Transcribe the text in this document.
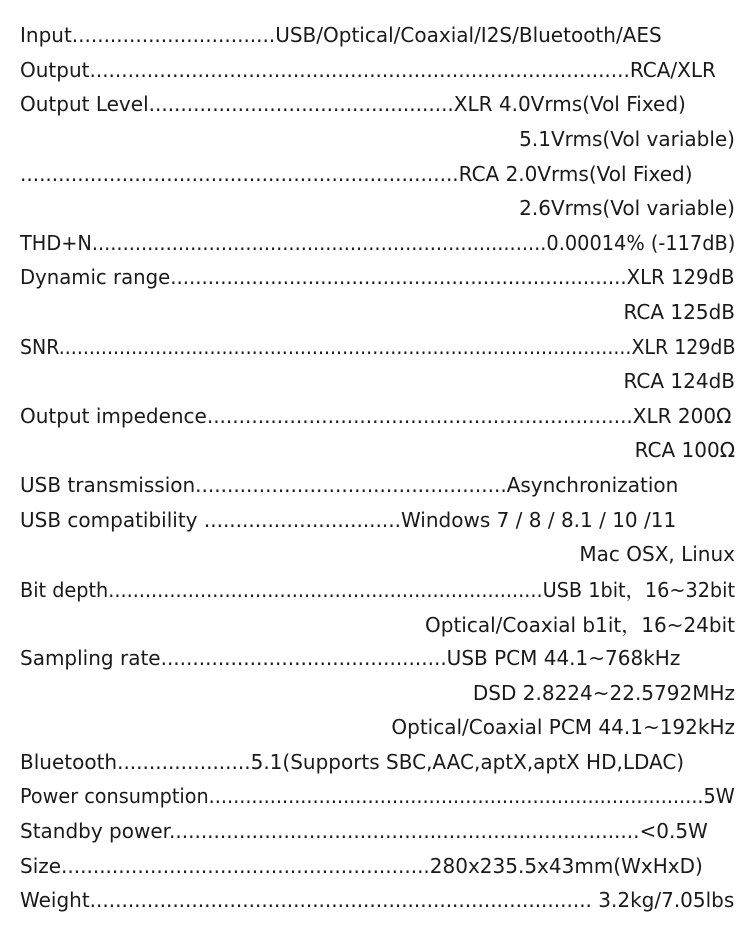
Input................................USB/Optical/Coaxial/I2S/Bluetooth/AES
Output.....................................................................................RCA/XLR
Output Level................................................XLR 4.0Vrms(Vol Fixed)
5.1Vrms(Vol variable)
.....................................................................RCA 2.0Vrms(Vol Fixed)
2.6Vrms(Vol variable)
THD+N..........................................................................0.00014% (-117dB)
Dynamic range.........................................................................XLR 129dB
RCA 125dB
SNR...............................................................................................XLR 129dB
RCA 124dB
Output impedence...................................................................XLR 200Ω
RCA 100Ω
USB transmission.................................................Asynchronization
USB compatibility ...............................Windows 7 / 8 / 8.1 / 10 /11
Mac OSX, Linux
Bit depth.......................................................................USB 1bit，16~32bit
Optical/Coaxial b1it，16~24bit
Sampling rate.............................................USB PCM 44.1~768kHz
DSD 2.8224~22.5792MHz
Optical/Coaxial PCM 44.1~192kHz
Bluetooth.....................5.1(Supports SBC,AAC,aptX,aptX HD,LDAC)
Power consumption.................................................................................5W
Standby power..........................................................................<0.5W
Size..........................................................280x235.5x43mm(WxHxD)
Weight............................................................................... 3.2kg/7.05lbs
